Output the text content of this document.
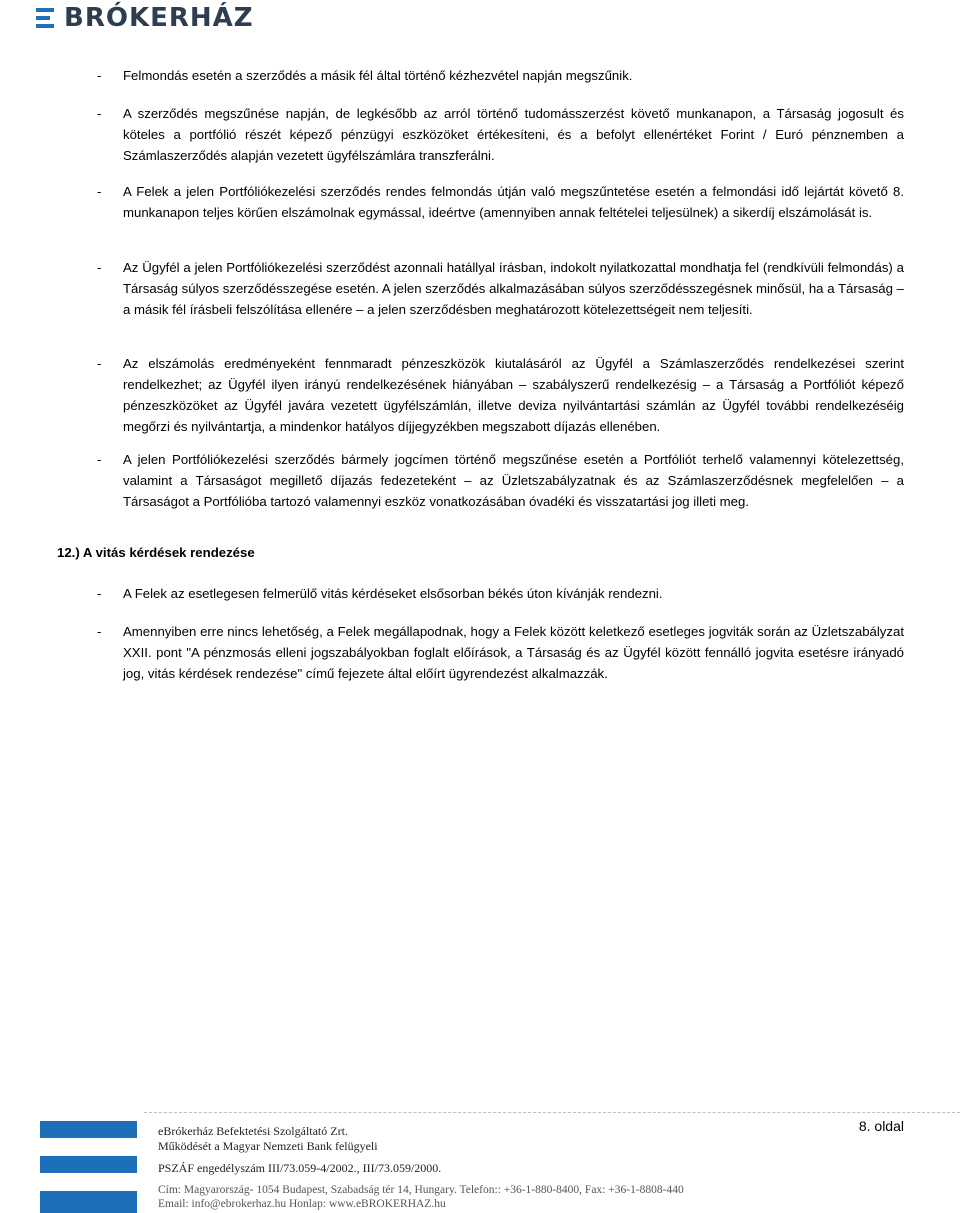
BRÓKERHÁZ
- Felmondás esetén a szerződés a másik fél által történő kézhezvétel napján megszűnik.
- A szerződés megszűnése napján, de legkésőbb az arról történő tudomásszerzést követő munkanapon, a Társaság jogosult és köteles a portfólió részét képező pénzügyi eszközöket értékesíteni, és a befolyt ellenértéket Forint / Euró pénznemben a Számlaszerződés alapján vezetett ügyfélszámlára transzferálni.
- A Felek a jelen Portfóliókezelési szerződés rendes felmondás útján való megszűntetése esetén a felmondási idő lejártát követő 8. munkanapon teljes körűen elszámolnak egymással, ideértve (amennyiben annak feltételei teljesülnek) a sikerdíj elszámolását is.
- Az Ügyfél a jelen Portfóliókezelési szerződést azonnali hatállyal írásban, indokolt nyilatkozattal mondhatja fel (rendkívüli felmondás) a Társaság súlyos szerződésszegése esetén. A jelen szerződés alkalmazásában súlyos szerződésszegésnek minősül, ha a Társaság – a másik fél írásbeli felszólítása ellenére – a jelen szerződésben meghatározott kötelezettségeit nem teljesíti.
- Az elszámolás eredményeként fennmaradt pénzeszközök kiutalásáról az Ügyfél a Számlaszerződés rendelkezései szerint rendelkezhet; az Ügyfél ilyen irányú rendelkezésének hiányában – szabályszerű rendelkezésig – a Társaság a Portfóliót képező pénzeszközöket az Ügyfél javára vezetett ügyfélszámlán, illetve deviza nyilvántartási számlán az Ügyfél további rendelkezéséig megőrzi és nyilvántartja, a mindenkor hatályos díjjegyzékben megszabott díjazás ellenében.
- A jelen Portfóliókezelési szerződés bármely jogcímen történő megszűnése esetén a Portfóliót terhelő valamennyi kötelezettség, valamint a Társaságot megillető díjazás fedezeteként – az Üzletszabályzatnak és az Számlaszerződésnek megfelelően – a Társaságot a Portfólióba tartozó valamennyi eszköz vonatkozásában óvadéki és visszatartási jog illeti meg.
- A Felek az esetlegesen felmerülő vitás kérdéseket elsősorban békés úton kívánják rendezni.
- Amennyiben erre nincs lehetőség, a Felek megállapodnak, hogy a Felek között keletkező esetleges jogviták során az Üzletszabályzat XXII. pont "A pénzmosás elleni jogszabályokban foglalt előírások, a Társaság és az Ügyfél között fennálló jogvita esetésre irányadó jog, vitás kérdések rendezése" című fejezete által előírt ügyrendezést alkalmazzák.
12.) A vitás kérdések rendezése
eBrókerház Befektetési Szolgáltató Zrt.
Működését a Magyar Nemzeti Bank felügyeli
PSZÁF engedélyszám III/73.059-4/2002., III/73.059/2000.
Cím: Magyarország- 1054 Budapest, Szabadság tér 14, Hungary. Telefon:: +36-1-880-8400, Fax: +36-1-8808-440
Email: info@ebrokerhaz.hu Honlap: www.eBROKERHAZ.hu
8. oldal
